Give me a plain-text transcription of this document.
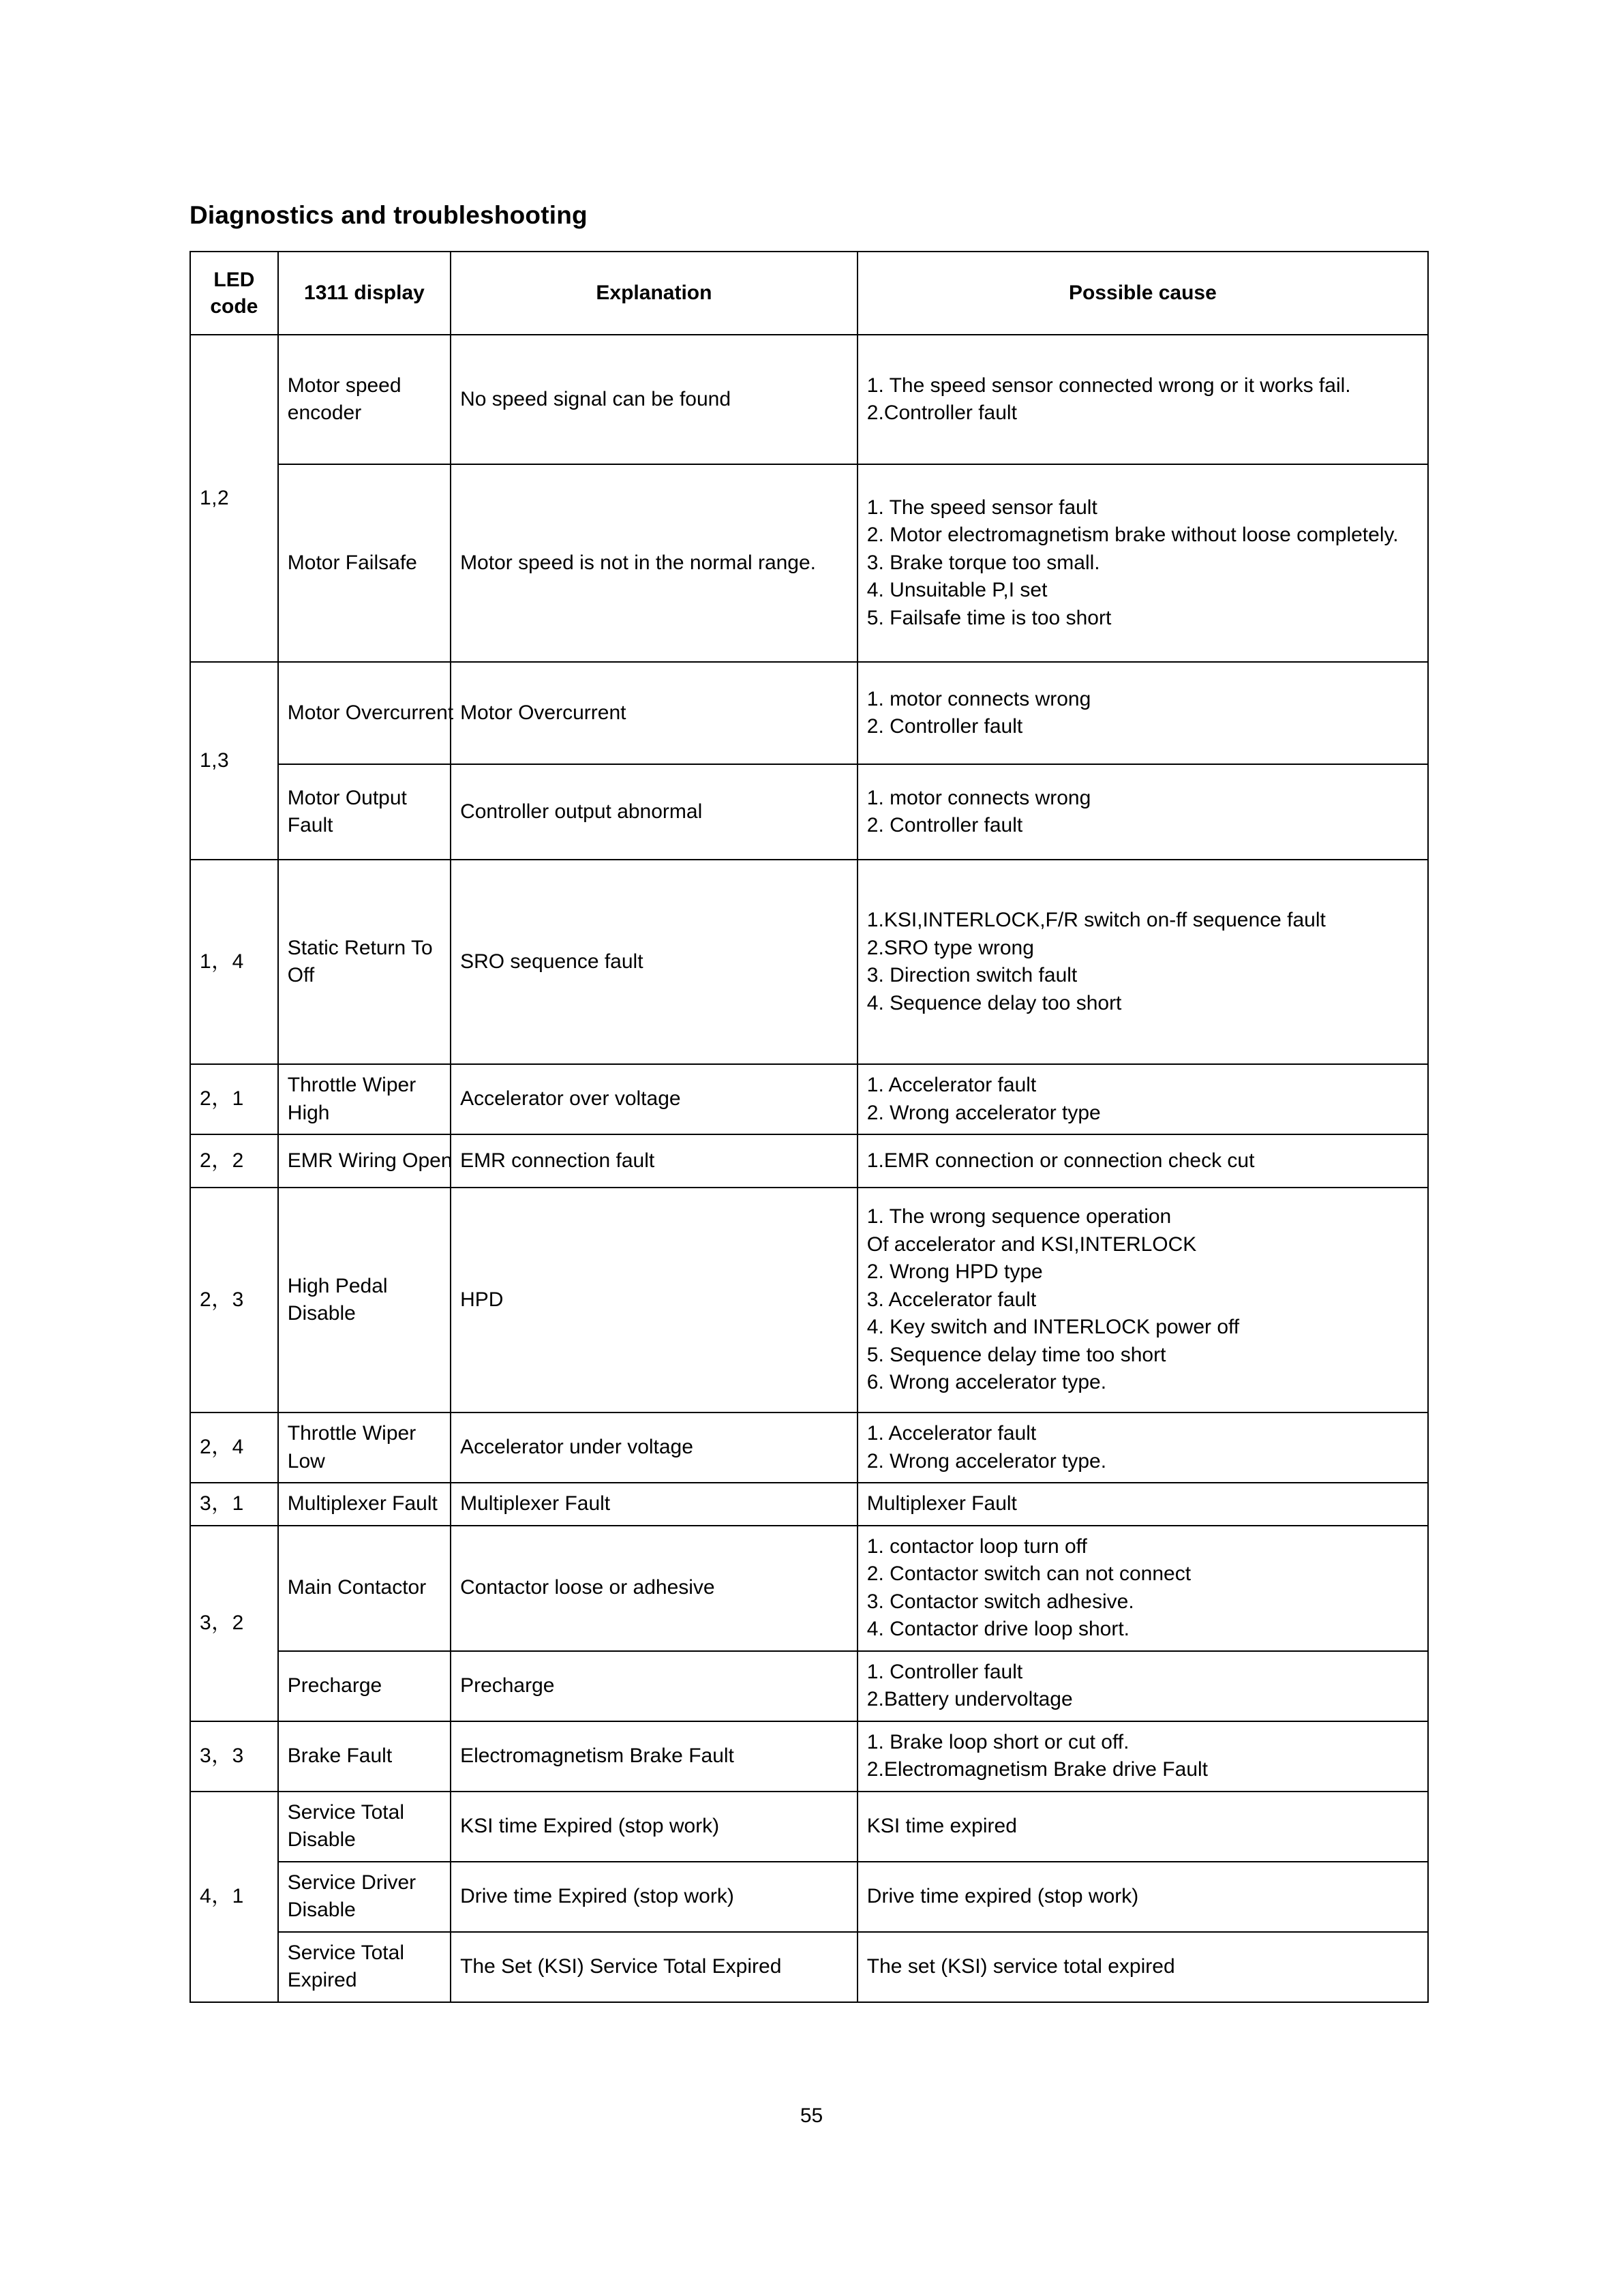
Diagnostics and troubleshooting
LED
code	1311 display	Explanation	Possible cause
1,2	Motor speed encoder	No speed signal can be found	1. The speed sensor connected wrong or it works fail.
2.Controller fault

	Motor Failsafe	Motor speed is not in the normal range.	1. The speed sensor fault
2. Motor electromagnetism brake without loose completely.
3. Brake torque too small.
4. Unsuitable P,I set
5. Failsafe time is too short

1,3	Motor Overcurrent	Motor Overcurrent	1. motor connects wrong
2. Controller fault

	Motor Output Fault	Controller output abnormal	1. motor connects wrong
2. Controller fault

1，4	Static Return To Off	SRO sequence fault	1.KSI,INTERLOCK,F/R switch on-ff sequence fault
2.SRO type wrong
3. Direction switch fault
4. Sequence delay too short

2，1	Throttle Wiper High	Accelerator over voltage	1. Accelerator fault
2. Wrong accelerator type

2，2	EMR Wiring Open	EMR connection fault	1.EMR connection or connection check cut
2，3	High Pedal Disable	HPD	
1. The wrong sequence operation
Of accelerator and KSI,INTERLOCK
2. Wrong HPD type
3. Accelerator fault
4. Key switch and INTERLOCK power off
5. Sequence delay time too short
6. Wrong accelerator type.

2，4	Throttle Wiper Low	Accelerator under voltage	1. Accelerator fault
2. Wrong accelerator type.

3，1	Multiplexer Fault	Multiplexer Fault	Multiplexer Fault
3，2	Main Contactor	Contactor loose or adhesive	1. contactor loop turn off
2. Contactor switch can not connect
3. Contactor switch adhesive.
4. Contactor drive loop short.

	Precharge	Precharge	1. Controller fault
2.Battery undervoltage

3，3	Brake Fault	Electromagnetism Brake Fault	1. Brake loop short or cut off.
2.Electromagnetism Brake drive Fault

4，1	Service Total Disable	KSI time Expired (stop work)	KSI time expired
	Service Driver Disable	Drive time Expired (stop work)	Drive time expired (stop work)
	Service Total Expired	The Set (KSI) Service Total Expired	The set (KSI) service total expired
55
